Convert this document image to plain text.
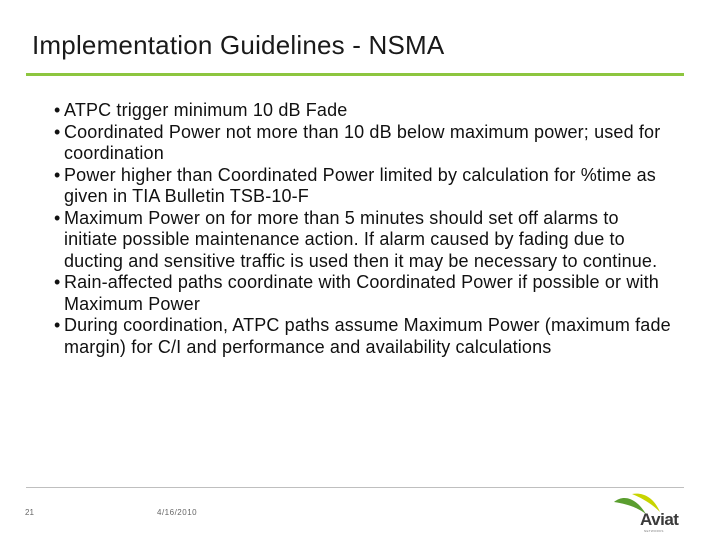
Implementation Guidelines - NSMA
• ATPC trigger minimum 10 dB Fade
• Coordinated Power not more than 10 dB below maximum power; used for coordination
• Power higher than Coordinated Power limited by calculation for %time as given in TIA Bulletin TSB-10-F
• Maximum Power on for more than 5 minutes should set off alarms to initiate possible maintenance action. If alarm caused by fading due to ducting and sensitive traffic is used then it may be necessary to continue.
• Rain-affected paths coordinate with Coordinated Power if possible or with Maximum Power
• During coordination, ATPC paths assume Maximum Power (maximum fade margin) for C/I and performance and availability calculations
21	4/16/2010	Aviat
NETWORKS
